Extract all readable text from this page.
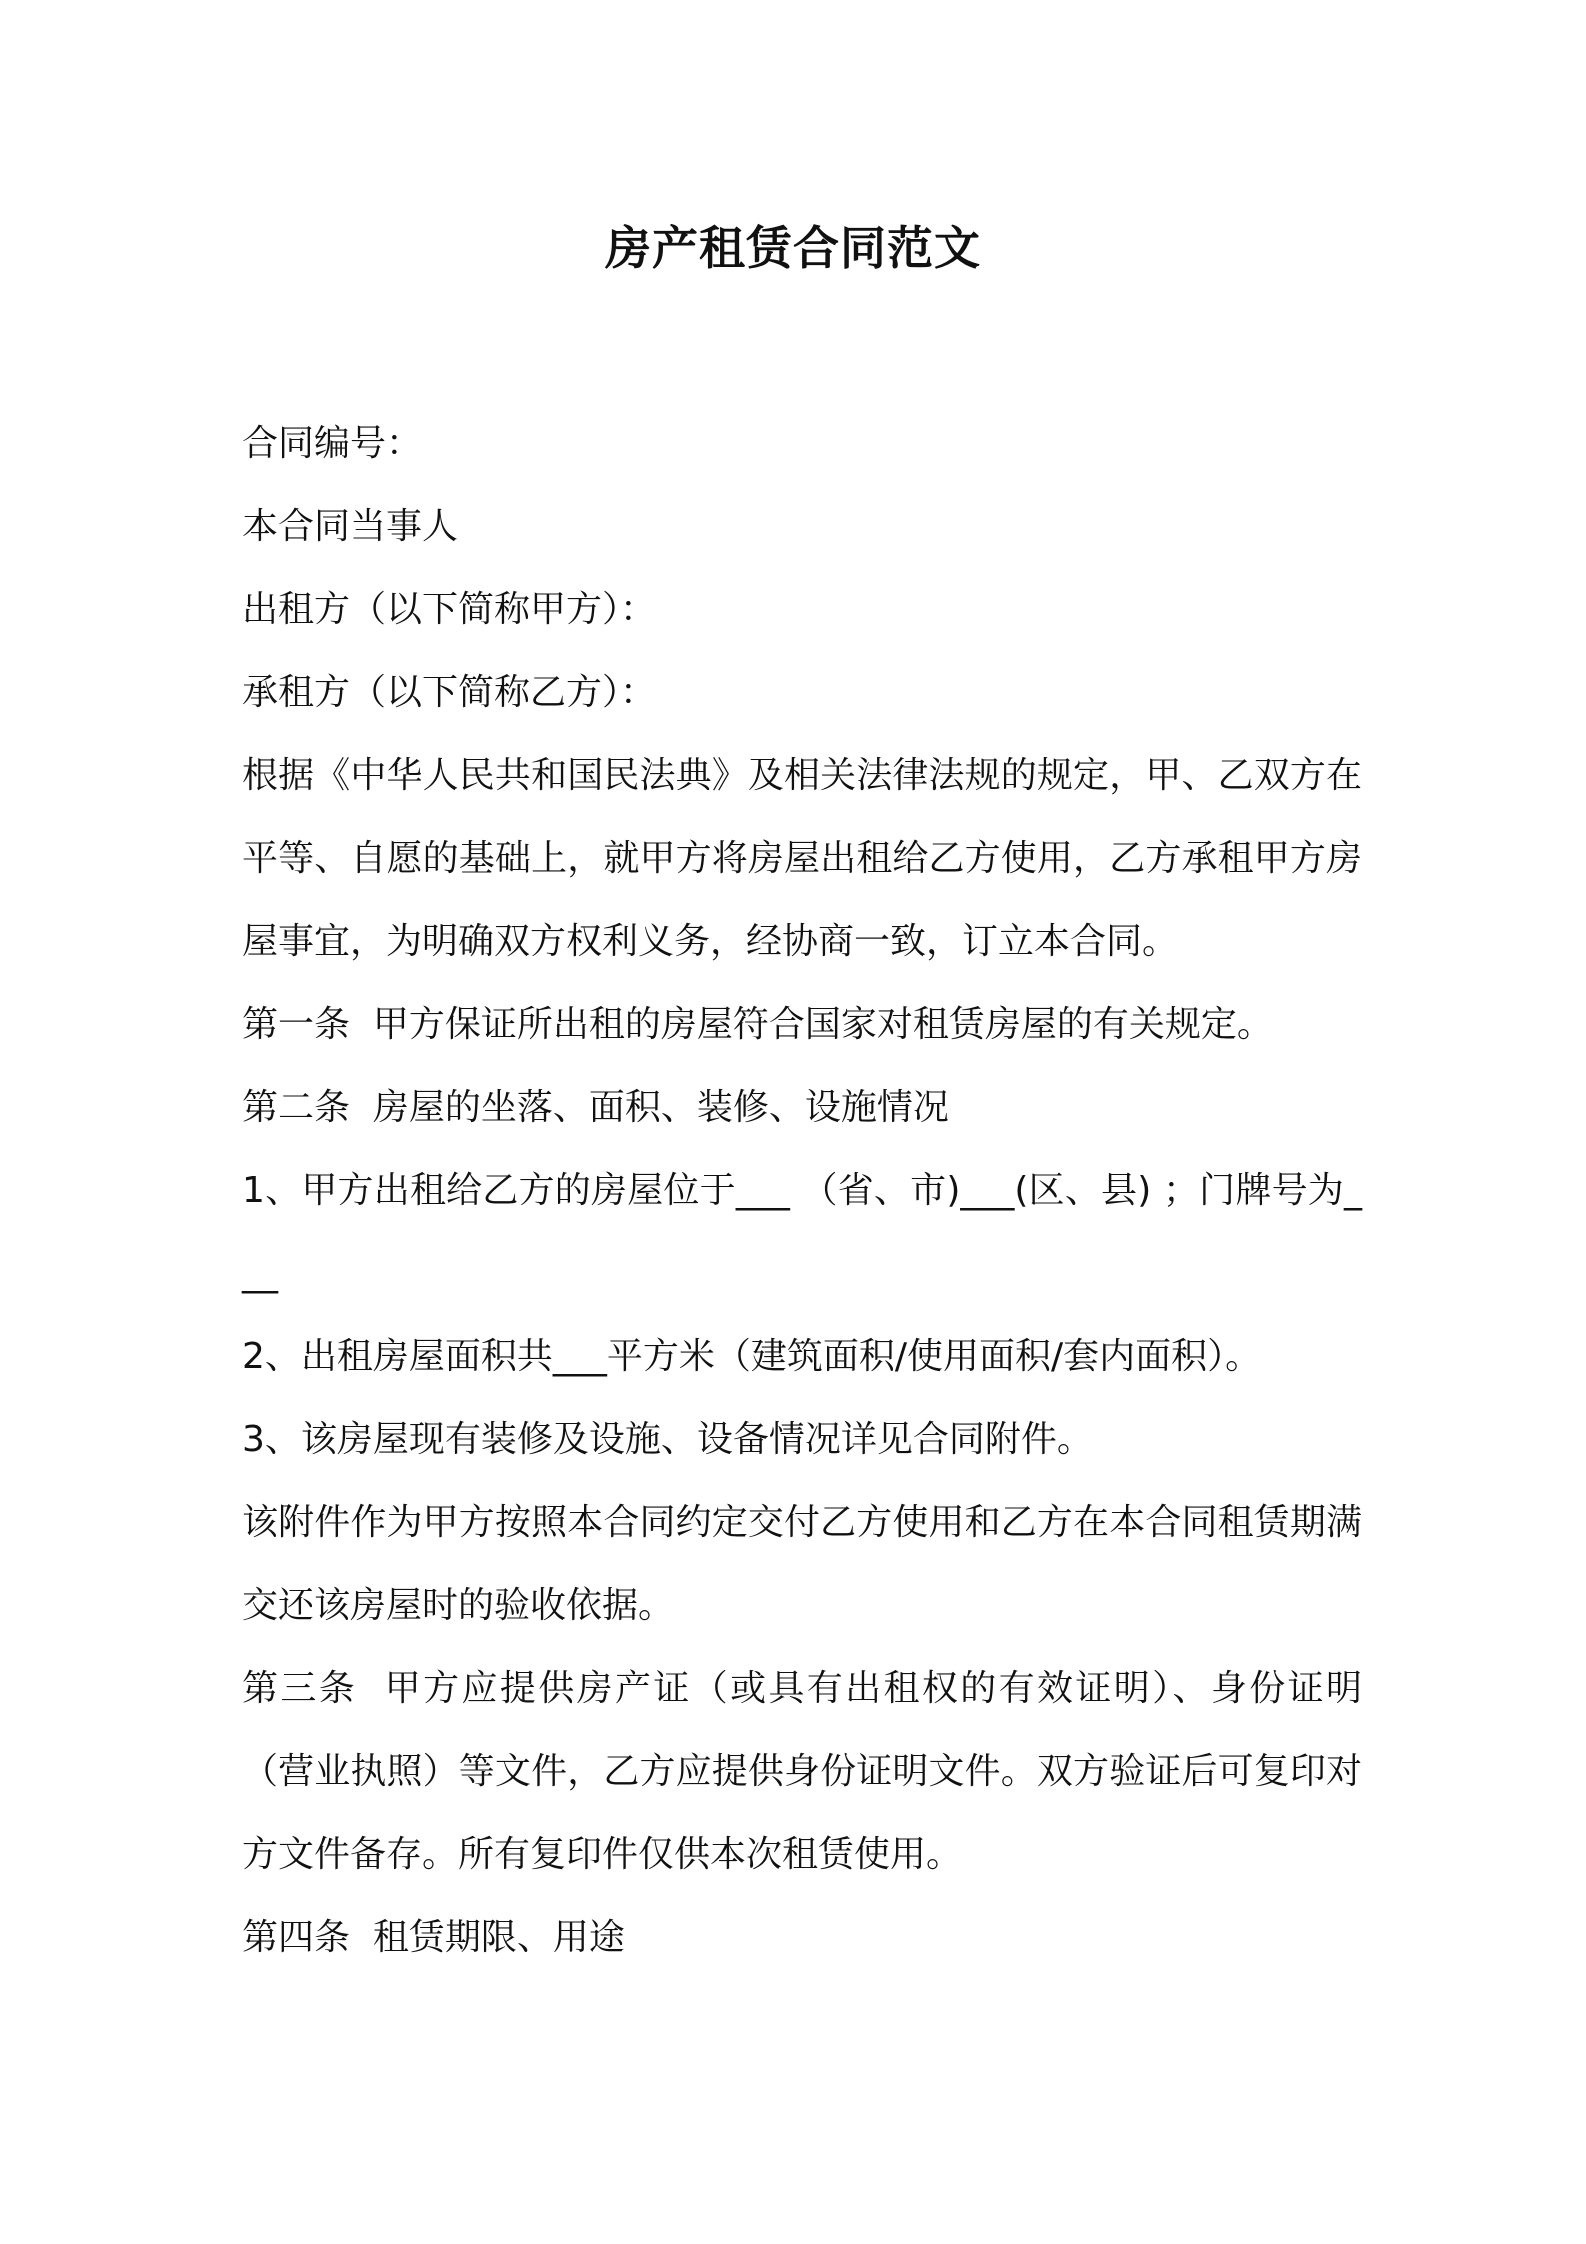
房产租赁合同范文

合同编号：

本合同当事人

出租方（以下简称甲方）：

承租方（以下简称乙方）：

根据《中华人民共和国民法典》及相关法律法规的规定，甲、乙双方在平等、自愿的基础上，就甲方将房屋出租给乙方使用，乙方承租甲方房屋事宜，为明确双方权利义务，经协商一致，订立本合同。

第一条  甲方保证所出租的房屋符合国家对租赁房屋的有关规定。

第二条  房屋的坐落、面积、装修、设施情况

1、甲方出租给乙方的房屋位于___ （省、市)___(区、县) ；门牌号为___

2、出租房屋面积共___平方米（建筑面积/使用面积/套内面积）。

3、该房屋现有装修及设施、设备情况详见合同附件。

该附件作为甲方按照本合同约定交付乙方使用和乙方在本合同租赁期满交还该房屋时的验收依据。

第三条  甲方应提供房产证（或具有出租权的有效证明）、身份证明（营业执照）等文件，乙方应提供身份证明文件。双方验证后可复印对方文件备存。所有复印件仅供本次租赁使用。

第四条  租赁期限、用途
